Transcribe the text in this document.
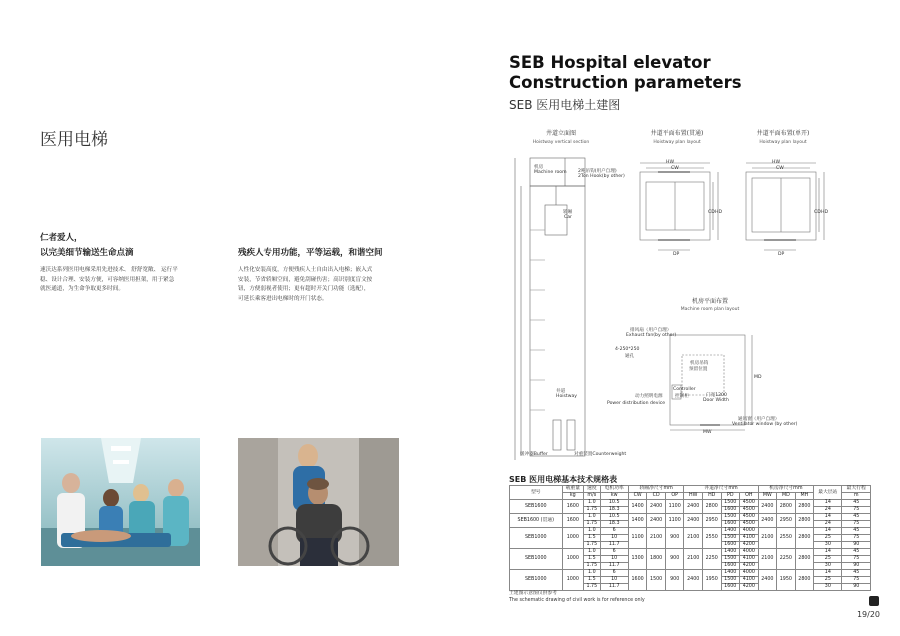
医用电梯
仁者爱人，
以完美细节输送生命点滴
速沃达系列医用电梯采用先进技术、 舒舒宽敞、 运行平
稳、设计合理、安装方便，可容纳医用担架，用于紧急
就医通道，为生命争取更多时间。
残疾人专用功能，平等运载，和谐空间
人性化安装高度，方便残疾人士自由出入电梯；嵌入式
安装，节省轿厢空间，避免刮碰伤害；高识别度盲文按
钮，方便弱视者使用；更有超时开关门功能（选配），
可延长乘客进出电梯时的开门状态。
SEB Hospital elevator
Construction parameters
SEB 医用电梯土建图
井道立面图
Hoistway vertical section
井道平面布置(贯通)
Hoistway plan layout
井道平面布置(单开)
Hoistway plan layout
机房平面布置
Machine room plan layout
机房
Machine room 2吨吊钩(用户自理)
2Ton Hook(by other)
轿厢
Car
井道
Hoistway
缓冲器Buffer	对重装置Counterweight
HW
CW
CD HD
DP
HW
CW
CD HD
DP
排风扇（用户自理）
Exhaust fan(by other)
4-250*250
通孔
机房吊钩
预留位置
Controller
控制柜
动力照明电源
Power distribution device
门宽1200
Door Width
通风窗（用户自理）
Ventilator window (by other)
MW
MD
SEB 医用电梯基本技术规格表
型号	载重量	速度	电机功率	轿厢净尺寸mm			井道净尺寸mm				机房净尺寸mm			最大层站	最大行程
	kg	m/s	kw	CW	CD	OP	HW	HD	PD	OH	MW	MD	MH		m
SEB1600	1600	1.0	10.5	1400	2400	1100	2400	2800	1500	4500	2400	2800	2800	14	45
		1.75	18.3						1600	4500				24	75
SEB1600 (贯通)	1600	1.0	10.5	1400	2400	1100	2400	2950	1500	4500	2400	2950	2800	14	45
		1.75	18.3						1600	4500				24	75
SEB1000	1000	1.0	6	1100	2100	900	2100	2550	1400	4000	2100	2550	2800	14	45
		1.5	10						1500	4100				25	75
		1.75	11.7						1600	4200				30	90
SEB1000	1000	1.0	6	1300	1800	900	2100	2250	1400	4000	2100	2250	2800	14	45
		1.5	10						1500	4100				25	75
		1.75	11.7						1600	4200				30	90
SEB1000	1000	1.0	6	1600	1500	900	2400	1950	1400	4000	2400	1950	2800	14	45
		1.5	10						1500	4100				25	75
		1.75	11.7						1600	4200				30	90
土建图示意图仅供参考
The schematic drawing of civil work is for reference only
19/20
